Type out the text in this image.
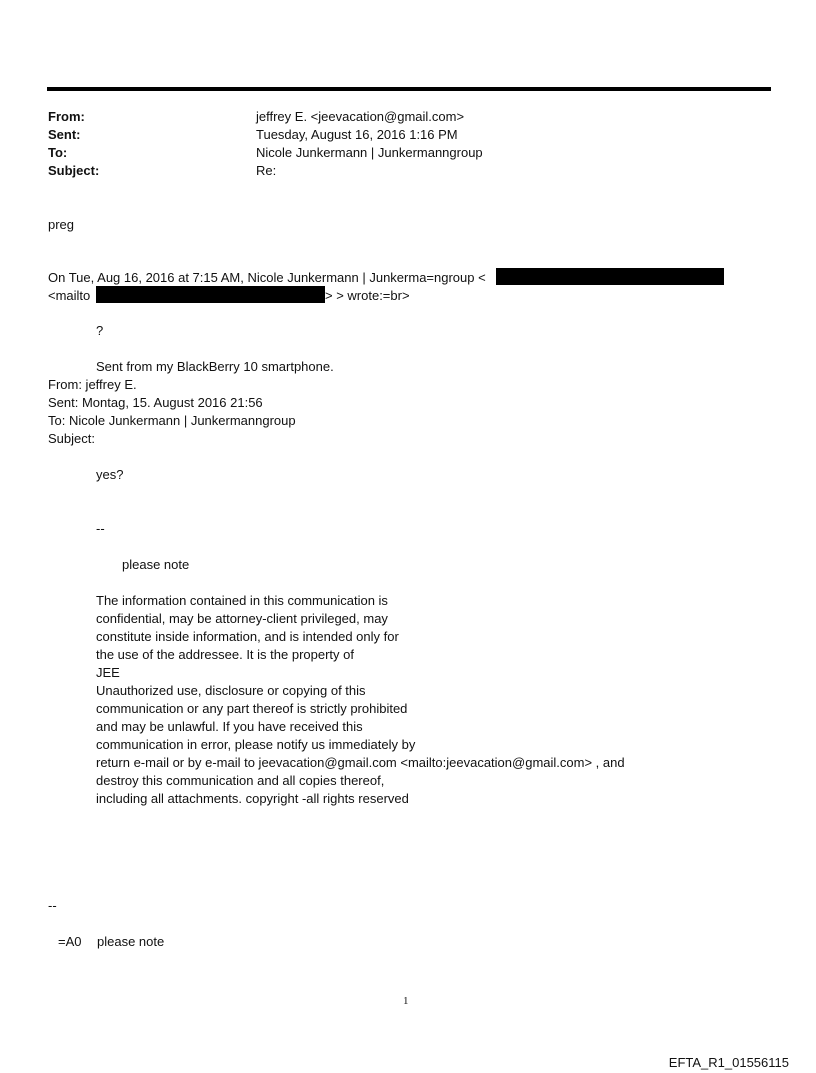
From:	jeffrey E. <jeevacation@gmail.com>
Sent:	Tuesday, August 16, 2016 1:16 PM
To:	Nicole Junkermann | Junkermanngroup
Subject:	Re:
preg
On Tue, Aug 16, 2016 at 7:15 AM, Nicole Junkermann | Junkerma=ngroup <
<mailto	> > wrote:=br>
?
Sent from my BlackBerry 10 smartphone.
From: jeffrey E.
Sent: Montag, 15. August 2016 21:56
To: Nicole Junkermann | Junkermanngroup
Subject:
yes?
--
please note
The information contained in this communication is
confidential, may be attorney-client privileged, may
constitute inside information, and is intended only for
the use of the addressee. It is the property of
JEE
Unauthorized use, disclosure or copying of this
communication or any part thereof is strictly prohibited
and may be unlawful. If you have received this
communication in error, please notify us immediately by
return e-mail or by e-mail to jeevacation@gmail.com <mailto:jeevacation@gmail.com> , and
destroy this communication and all copies thereof,
including all attachments. copyright -all rights reserved
--
=A0 please note
1
EFTA_R1_01556115
